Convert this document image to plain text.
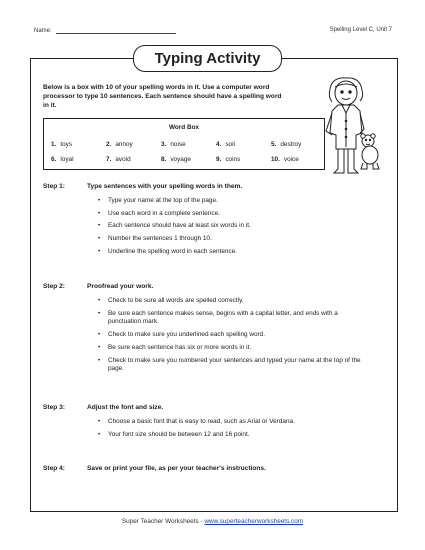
Name:	Spelling Level C, Unit 7
Typing Activity
Below is a box with 10 of your spelling words in it. Use a computer word processor to type 10 sentences. Each sentence should have a spelling word in it.
Word Box
1. toys	2. annoy	3. noise	4. soil	5. destroy
6. loyal	7. avoid	8. voyage	9. coins	10. voice
Step 1:	Type sentences with your spelling words in them.
• Type your name at the top of the page.
• Use each word in a complete sentence.
• Each sentence should have at least six words in it.
• Number the sentences 1 through 10.
• Underline the spelling word in each sentence.
Step 2:	Proofread your work.
• Check to be sure all words are spelled correctly.
• Be sure each sentence makes sense, begins with a capital letter, and ends with a punctuation mark.
• Check to make sure you underlined each spelling word.
• Be sure each sentence has six or more words in it.
• Check to make sure you numbered your sentences and typed your name at the top of the page.
Step 3:	Adjust the font and size.
• Choose a basic font that is easy to read, such as Arial or Verdana.
• Your font size should be between 12 and 16 point.
Step 4:	Save or print your file, as per your teacher's instructions.
Super Teacher Worksheets - www.superteacherworksheets.com
